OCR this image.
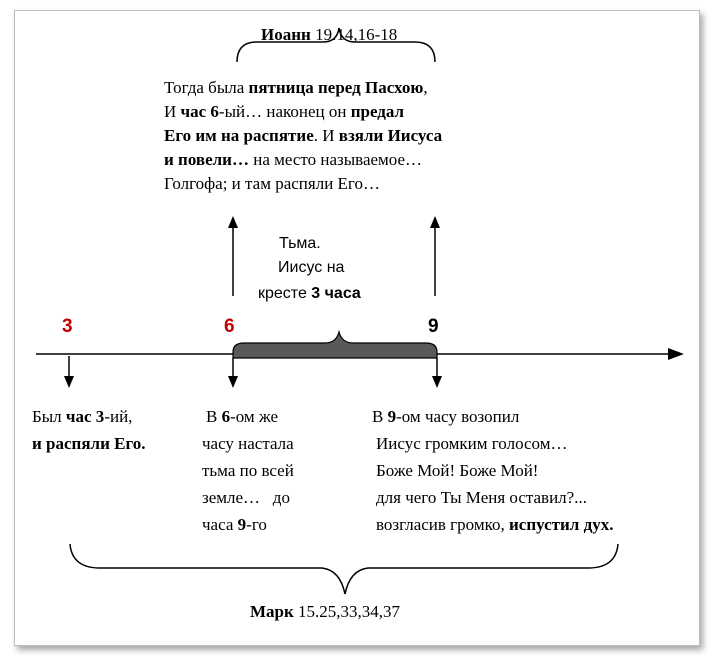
Иоанн 19.14,16-18
Тогда была пятница перед Пасхою,
И час 6-ый… наконец он предал
Его им на распятие. И взяли Иисуса
и повели… на место называемое…
Голгофа; и там распяли Его…
Тьма.
Иисус на
кресте 3 часа
3	6	9
Был час 3-ий,
и распяли Его.
В 6-ом же
часу настала
тьма по всей
земле…   до
часа 9-го
В 9-ом часу возопил
Иисус громким голосом…
Боже Мой! Боже Мой!
для чего Ты Меня оставил?...
возгласив громко, испустил дух.
Марк 15.25,33,34,37
